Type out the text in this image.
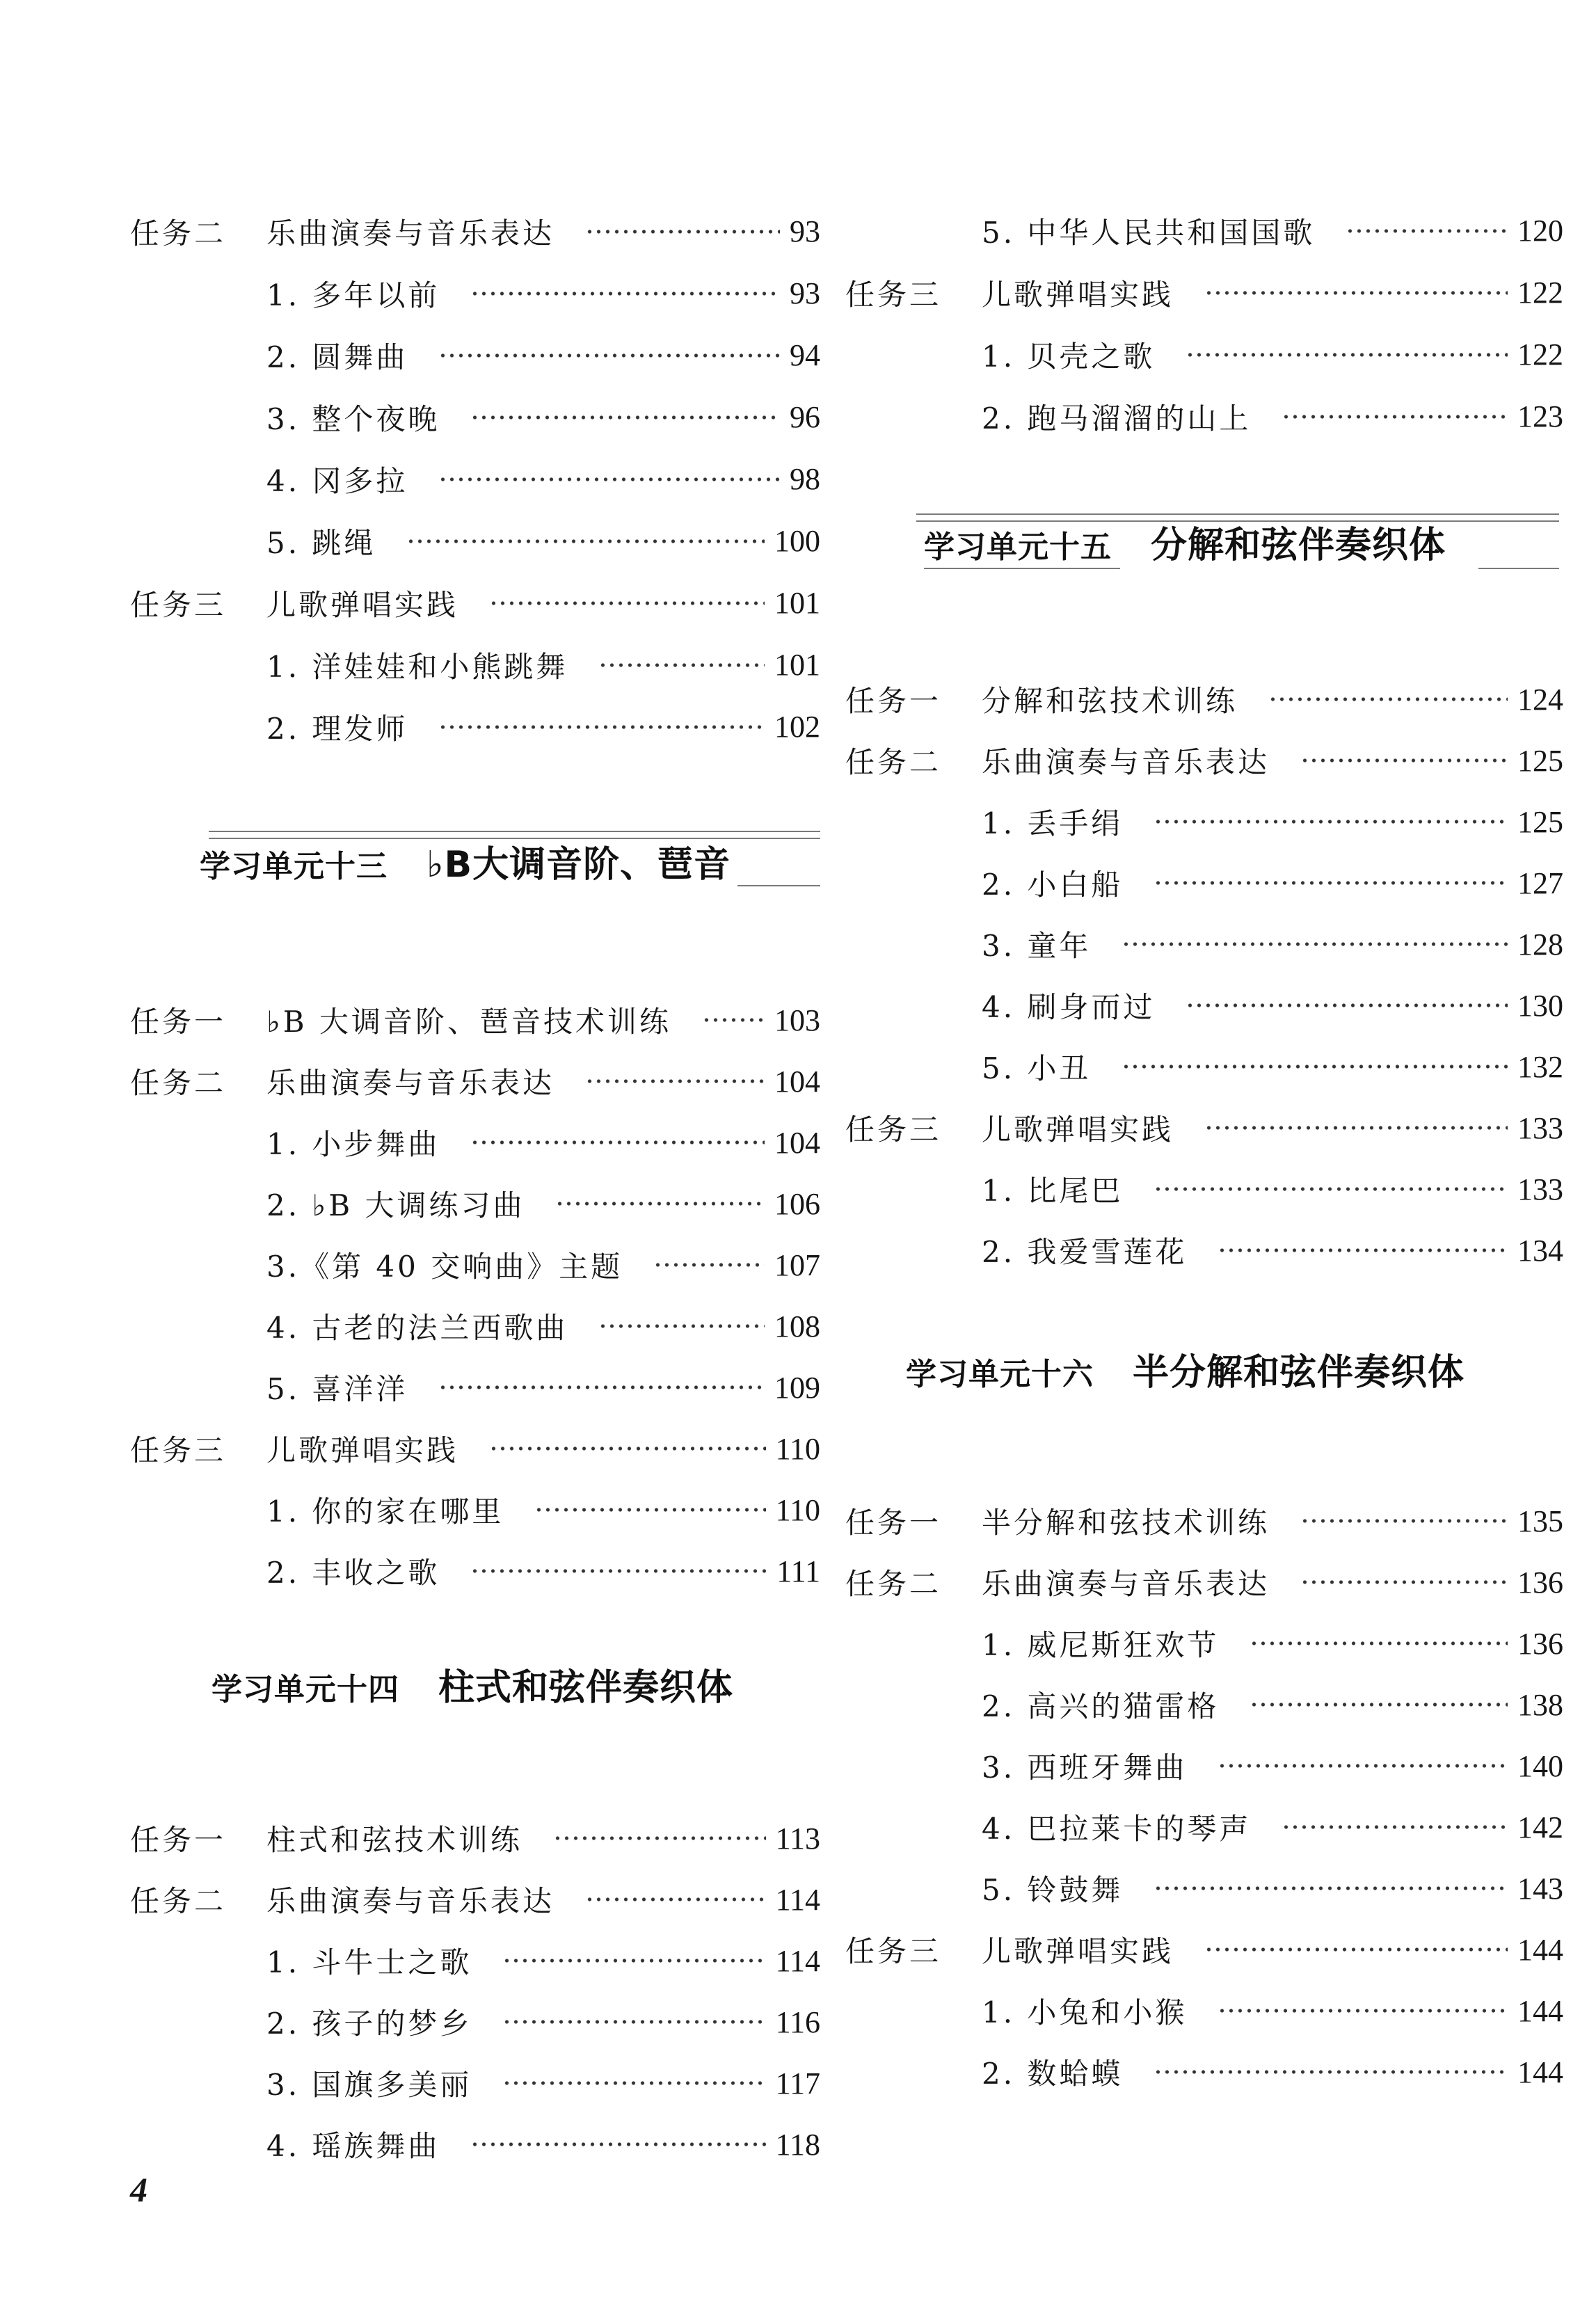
任务二	乐曲演奏与音乐表达	93
1. 多年以前	93
2. 圆舞曲	94
3. 整个夜晚	96
4. 冈多拉	98
5. 跳绳	100
任务三	儿歌弹唱实践	101
1. 洋娃娃和小熊跳舞	101
2. 理发师	102
学习单元十三 ♭B大调音阶、琶音
任务一	♭B 大调音阶、琶音技术训练	103
任务二	乐曲演奏与音乐表达	104
1. 小步舞曲	104
2. ♭B 大调练习曲	106
3.《第 40 交响曲》主题	107
4. 古老的法兰西歌曲	108
5. 喜洋洋	109
任务三	儿歌弹唱实践	110
1. 你的家在哪里	110
2. 丰收之歌	111
学习单元十四 柱式和弦伴奏织体
任务一	柱式和弦技术训练	113
任务二	乐曲演奏与音乐表达	114
1. 斗牛士之歌	114
2. 孩子的梦乡	116
3. 国旗多美丽	117
4. 瑶族舞曲	118
5. 中华人民共和国国歌	120
任务三	儿歌弹唱实践	122
1. 贝壳之歌	122
2. 跑马溜溜的山上	123
学习单元十五 分解和弦伴奏织体
任务一	分解和弦技术训练	124
任务二	乐曲演奏与音乐表达	125
1. 丢手绢	125
2. 小白船	127
3. 童年	128
4. 刷身而过	130
5. 小丑	132
任务三	儿歌弹唱实践	133
1. 比尾巴	133
2. 我爱雪莲花	134
学习单元十六 半分解和弦伴奏织体
任务一	半分解和弦技术训练	135
任务二	乐曲演奏与音乐表达	136
1. 威尼斯狂欢节	136
2. 高兴的猫雷格	138
3. 西班牙舞曲	140
4. 巴拉莱卡的琴声	142
5. 铃鼓舞	143
任务三	儿歌弹唱实践	144
1. 小兔和小猴	144
2. 数蛤蟆	144
4
